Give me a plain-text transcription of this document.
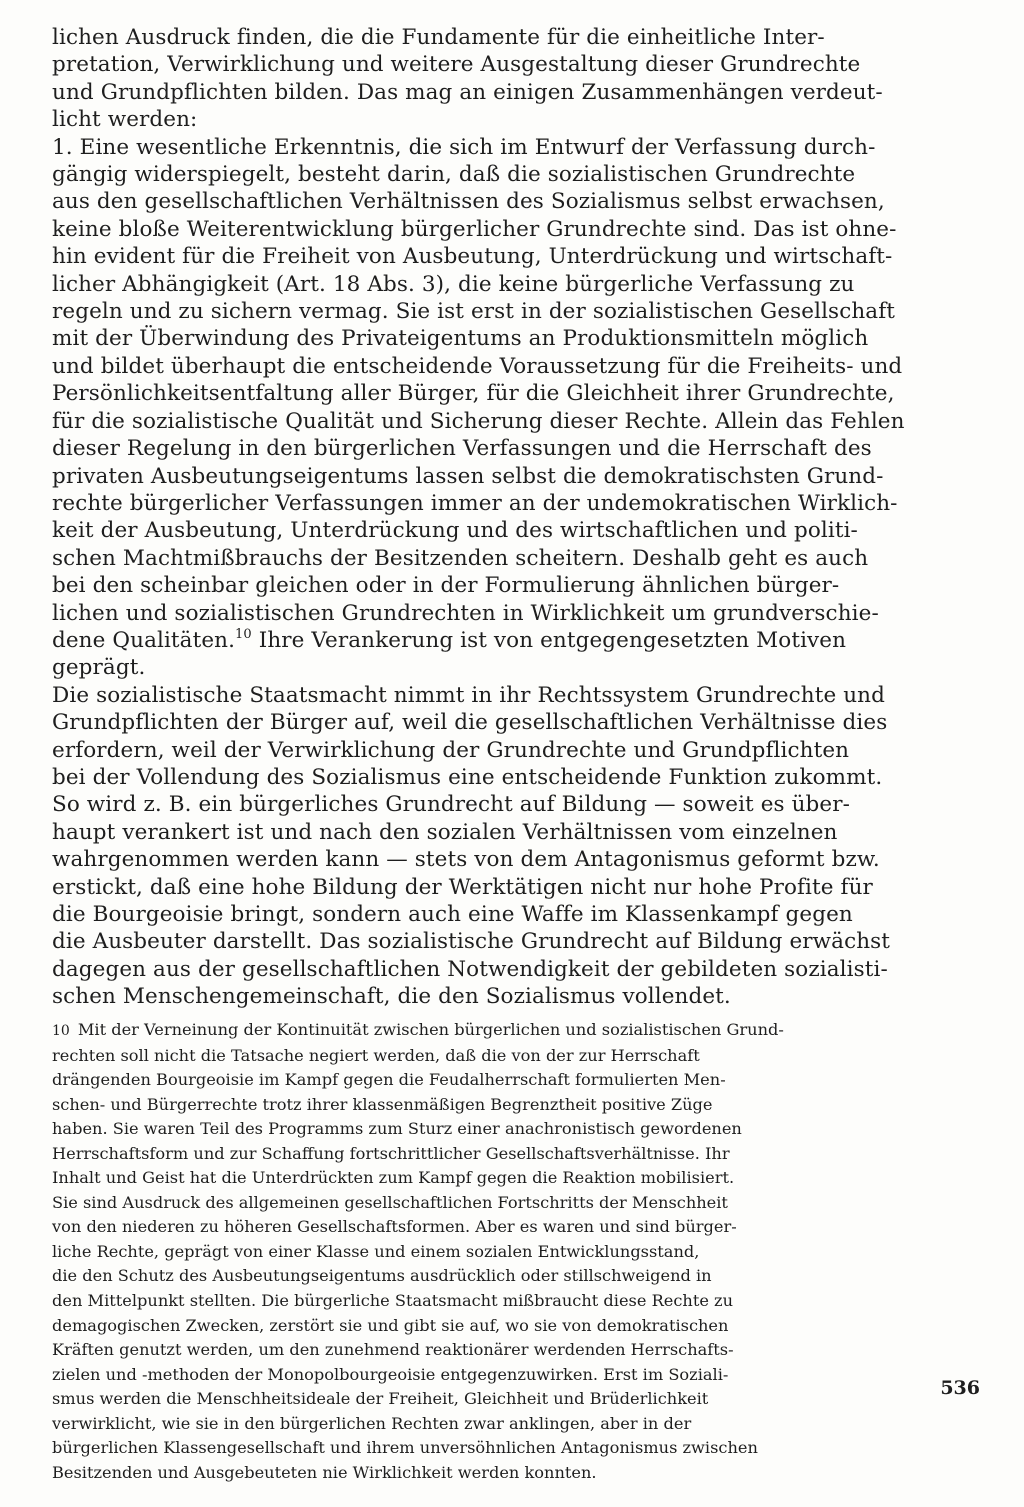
lichen Ausdruck finden, die die Fundamente für die einheitliche Inter-
pretation, Verwirklichung und weitere Ausgestaltung dieser Grundrechte
und Grundpflichten bilden. Das mag an einigen Zusammenhängen verdeut-
licht werden:
1. Eine wesentliche Erkenntnis, die sich im Entwurf der Verfassung durch-
gängig widerspiegelt, besteht darin, daß die sozialistischen Grundrechte
aus den gesellschaftlichen Verhältnissen des Sozialismus selbst erwachsen,
keine bloße Weiterentwicklung bürgerlicher Grundrechte sind. Das ist ohne-
hin evident für die Freiheit von Ausbeutung, Unterdrückung und wirtschaft-
licher Abhängigkeit (Art. 18 Abs. 3), die keine bürgerliche Verfassung zu
regeln und zu sichern vermag. Sie ist erst in der sozialistischen Gesellschaft
mit der Überwindung des Privateigentums an Produktionsmitteln möglich
und bildet überhaupt die entscheidende Voraussetzung für die Freiheits- und
Persönlichkeitsentfaltung aller Bürger, für die Gleichheit ihrer Grundrechte,
für die sozialistische Qualität und Sicherung dieser Rechte. Allein das Fehlen
dieser Regelung in den bürgerlichen Verfassungen und die Herrschaft des
privaten Ausbeutungseigentums lassen selbst die demokratischsten Grund-
rechte bürgerlicher Verfassungen immer an der undemokratischen Wirklich-
keit der Ausbeutung, Unterdrückung und des wirtschaftlichen und politi-
schen Machtmißbrauchs der Besitzenden scheitern. Deshalb geht es auch
bei den scheinbar gleichen oder in der Formulierung ähnlichen bürger-
lichen und sozialistischen Grundrechten in Wirklichkeit um grundverschie-
dene Qualitäten.$^{10}$ Ihre Verankerung ist von entgegengesetzten Motiven
geprägt.

Die sozialistische Staatsmacht nimmt in ihr Rechtssystem Grundrechte und
Grundpflichten der Bürger auf, weil die gesellschaftlichen Verhältnisse dies
erfordern, weil der Verwirklichung der Grundrechte und Grundpflichten
bei der Vollendung des Sozialismus eine entscheidende Funktion zukommt.
So wird z. B. ein bürgerliches Grundrecht auf Bildung — soweit es über-
haupt verankert ist und nach den sozialen Verhältnissen vom einzelnen
wahrgenommen werden kann — stets von dem Antagonismus geformt bzw.
erstickt, daß eine hohe Bildung der Werktätigen nicht nur hohe Profite für
die Bourgeoisie bringt, sondern auch eine Waffe im Klassenkampf gegen
die Ausbeuter darstellt. Das sozialistische Grundrecht auf Bildung erwächst
dagegen aus der gesellschaftlichen Notwendigkeit der gebildeten sozialisti-
schen Menschengemeinschaft, die den Sozialismus vollendet.

10 Mit der Verneinung der Kontinuität zwischen bürgerlichen und sozialistischen Grund-
rechten soll nicht die Tatsache negiert werden, daß die von der zur Herrschaft
drängenden Bourgeoisie im Kampf gegen die Feudalherrschaft formulierten Men-
schen- und Bürgerrechte trotz ihrer klassenmäßigen Begrenztheit positive Züge
haben. Sie waren Teil des Programms zum Sturz einer anachronistisch gewordenen
Herrschaftsform und zur Schaffung fortschrittlicher Gesellschaftsverhältnisse. Ihr
Inhalt und Geist hat die Unterdrückten zum Kampf gegen die Reaktion mobilisiert.
Sie sind Ausdruck des allgemeinen gesellschaftlichen Fortschritts der Menschheit
von den niederen zu höheren Gesellschaftsformen. Aber es waren und sind bürger-
liche Rechte, geprägt von einer Klasse und einem sozialen Entwicklungsstand,
die den Schutz des Ausbeutungseigentums ausdrücklich oder stillschweigend in
den Mittelpunkt stellten. Die bürgerliche Staatsmacht mißbraucht diese Rechte zu
demagogischen Zwecken, zerstört sie und gibt sie auf, wo sie von demokratischen
Kräften genutzt werden, um den zunehmend reaktionärer werdenden Herrschafts-
zielen und -methoden der Monopolbourgeoisie entgegenzuwirken. Erst im Soziali-
smus werden die Menschheitsideale der Freiheit, Gleichheit und Brüderlichkeit
verwirklicht, wie sie in den bürgerlichen Rechten zwar anklingen, aber in der
bürgerlichen Klassengesellschaft und ihrem unversöhnlichen Antagonismus zwischen
Besitzenden und Ausgebeuteten nie Wirklichkeit werden konnten.

536
